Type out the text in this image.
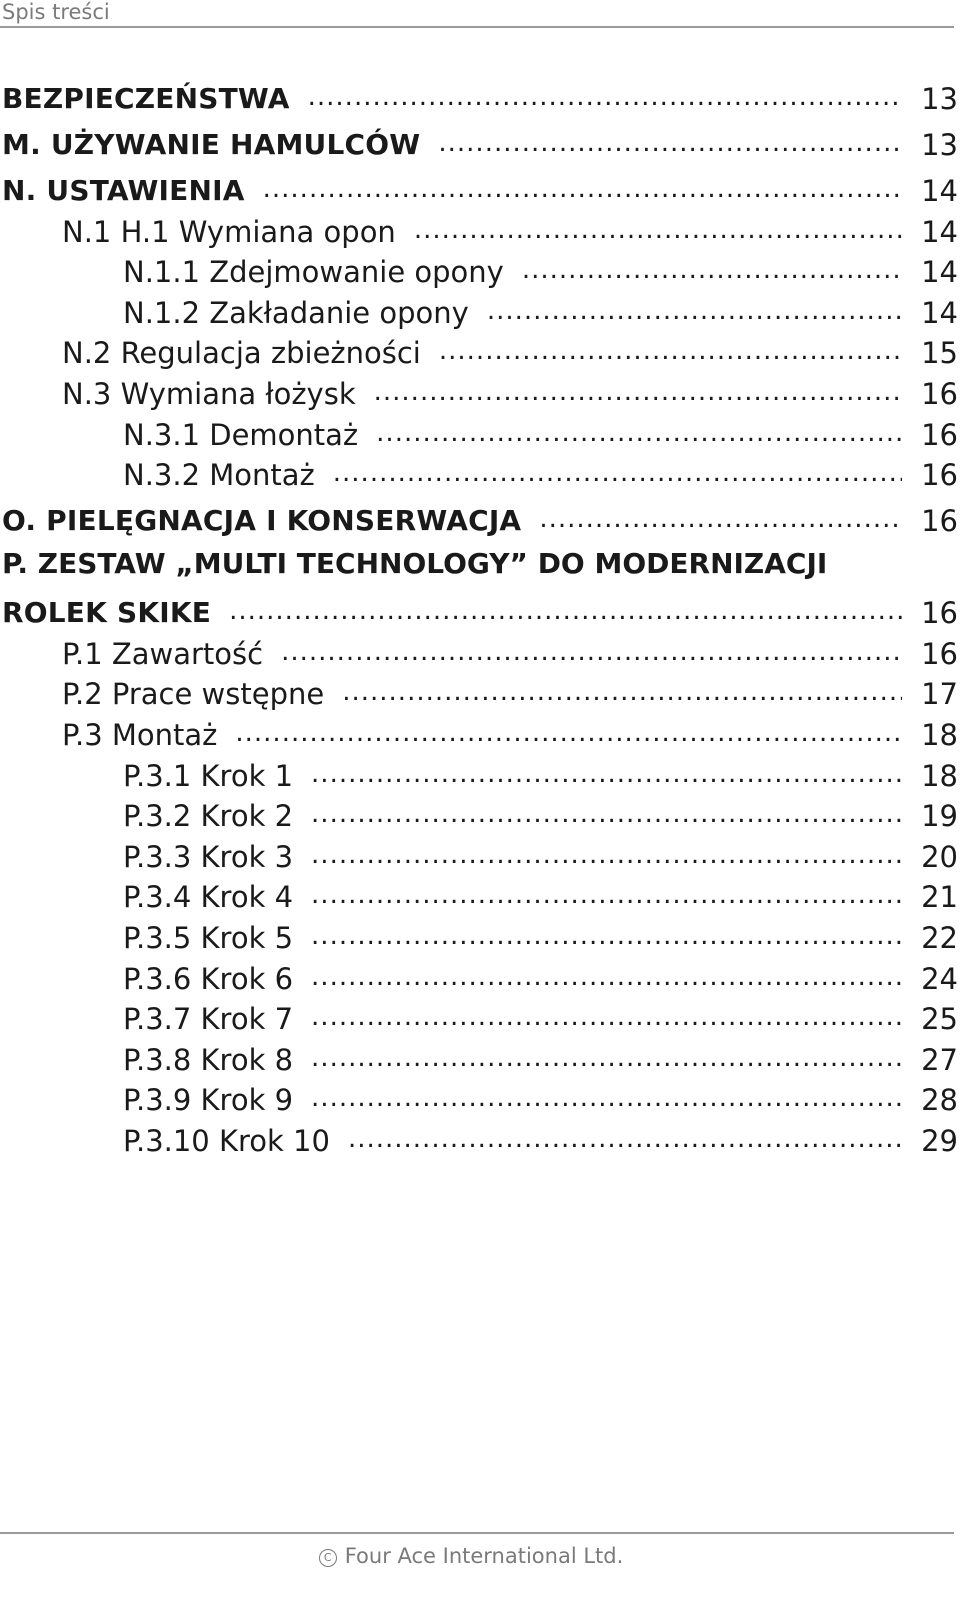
Spis treści
BEZPIECZEŃSTWA .....	13
M. UŻYWANIE HAMULCÓW .....	13
N. USTAWIENIA .....	14
N.1 H.1 Wymiana opon .....	14
N.1.1 Zdejmowanie opony .....	14
N.1.2 Zakładanie opony .....	14
N.2 Regulacja zbieżności .....	15
N.3 Wymiana łożysk .....	16
N.3.1 Demontaż .....	16
N.3.2 Montaż .....	16
O. PIELĘGNACJA I KONSERWACJA .....	16
P. ZESTAW „MULTI TECHNOLOGY” DO MODERNIZACJI
ROLEK SKIKE .....	16
P.1 Zawartość .....	16
P.2 Prace wstępne .....	17
P.3 Montaż .....	18
P.3.1 Krok 1 .....	18
P.3.2 Krok 2 .....	19
P.3.3 Krok 3 .....	20
P.3.4 Krok 4 .....	21
P.3.5 Krok 5 .....	22
P.3.6 Krok 6 .....	24
P.3.7 Krok 7 .....	25
P.3.8 Krok 8 .....	27
P.3.9 Krok 9 .....	28
P.3.10 Krok 10 .....	29
C Four Ace International Ltd.
